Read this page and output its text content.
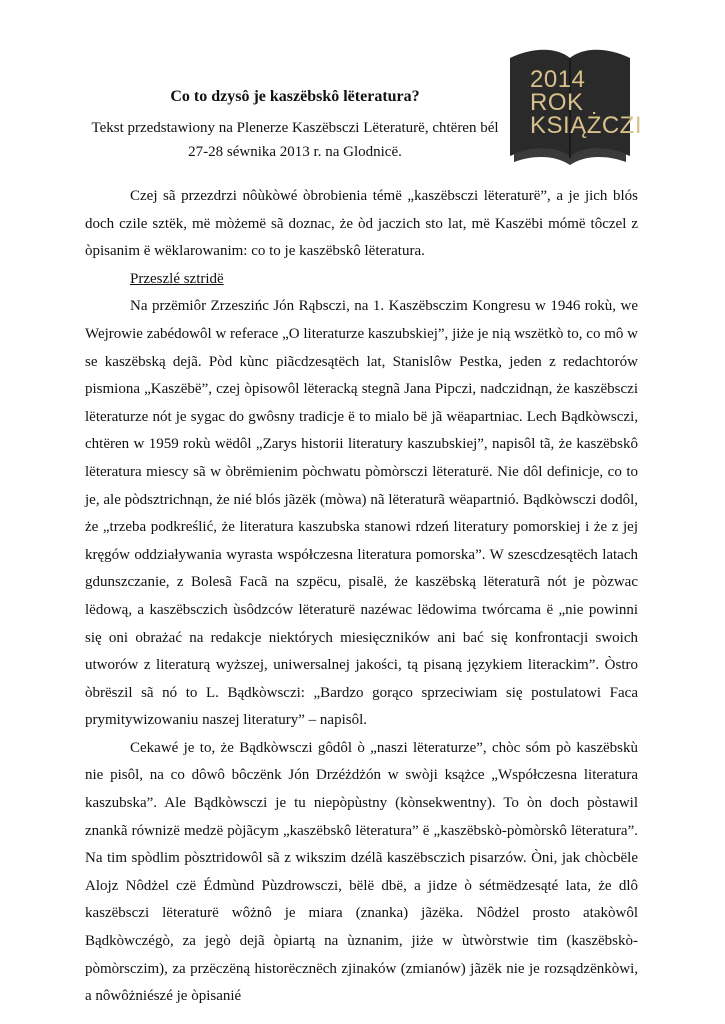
2014
ROK
KSIĄŻCZI
Co to dzysô je kaszëbskô lëteratura?
Tekst przedstawiony na Plenerze Kaszëbsczi Lëteraturë, chtëren bél
27-28 séwnika 2013 r. na Glodnicë.

Czej sã przezdrzi nôùkòwé òbrobienia témë „kaszëbsczi lëteraturë”, a je jich blós doch czile sztëk, më mòżemë sã doznac, że òd jaczich sto lat, më Kaszëbi mómë tôczel z òpisanim ë wëklarowanim: co to je kaszëbskô lëteratura.

Przeszlé sztridë

Na przëmiôr Zrzeszińc Jón Rąbsczi, na 1. Kaszëbsczim Kongresu w 1946 rokù, we Wejrowie zabédowôl w referace „O literaturze kaszubskiej”, jiże je nią wszëtkò to, co mô w se kaszëbską dejã. Pòd kùnc piãcdzesątëch lat, Stanislôw Pestka, jeden z redachtorów pismiona „Kaszëbë”, czej òpisowôl lëteracką stegnã Jana Pipczi, nadczidnąn, że kaszëbsczi lëteraturze nót je sygac do gwôsny tradicje ë to mialo bë jã wëapartniac. Lech Bądkòwsczi, chtëren w 1959 rokù wëdôl „Zarys historii literatury kaszubskiej”, napisôl tã, że kaszëbskô lëteratura miescy sã w òbrëmienim pòchwatu pòmòrsczi lëteraturë. Nie dôl definicje, co to je, ale pòdsztrichnąn, że nié blós jãzëk (mòwa) nã lëteraturã wëapartnió. Bądkòwsczi dodôl, że „trzeba podkreślić, że literatura kaszubska stanowi rdzeń literatury pomorskiej i że z jej kręgów oddziaływania wyrasta współczesna literatura pomorska”. W szescdzesątëch latach gdunszczanie, z Bolesã Facã na szpëcu, pisalë, że kaszëbską lëteraturã nót je pòzwac lëdową, a kaszëbsczich ùsôdzców lëteraturë nazéwac lëdowima twórcama ë „nie powinni się oni obrażać na redakcje niektórych miesięczników ani bać się konfrontacji swoich utworów z literaturą wyższej, uniwersalnej jakości, tą pisaną językiem literackim”. Òstro òbrëszil sã nó to L. Bądkòwsczi: „Bardzo gorąco sprzeciwiam się postulatowi Faca prymitywizowaniu naszej literatury” – napisôl.

Cekawé je to, że Bądkòwsczi gôdôl ò „naszi lëteraturze”, chòc sóm pò kaszëbskù nie pisôl, na co dôwô bôczënk Jón Drzéżdżón w swòji ksążce „Współczesna literatura kaszubska”. Ale Bądkòwsczi je tu niepòpùstny (kònsekwentny). To òn doch pòstawil znankã równizë medzë pòjãcym „kaszëbskô lëteratura” ë „kaszëbskò-pòmòrskô lëteratura”. Na tim spòdlim pòsztridowôl sã z wikszim dzélã kaszëbsczich pisarzów. Òni, jak chòcbële Alojz Nôdżel czë Édmùnd Pùzdrowsczi, bëlë dbë, a jidze ò sétmëdzesąté lata, że dlô kaszëbsczi lëteraturë wôżnô je miara (znanka) jãzëka. Nôdżel prosto atakòwôl Bądkòwczégò, za jegò dejã òpiartą na ùznanim, jiże w ùtwòrstwie tim (kaszëbskò-pòmòrsczim), za przëczëną historëcznëch zjinaków (zmianów) jãzëk nie je rozsądzënkòwi, a nôwôżniészé je òpisanié
